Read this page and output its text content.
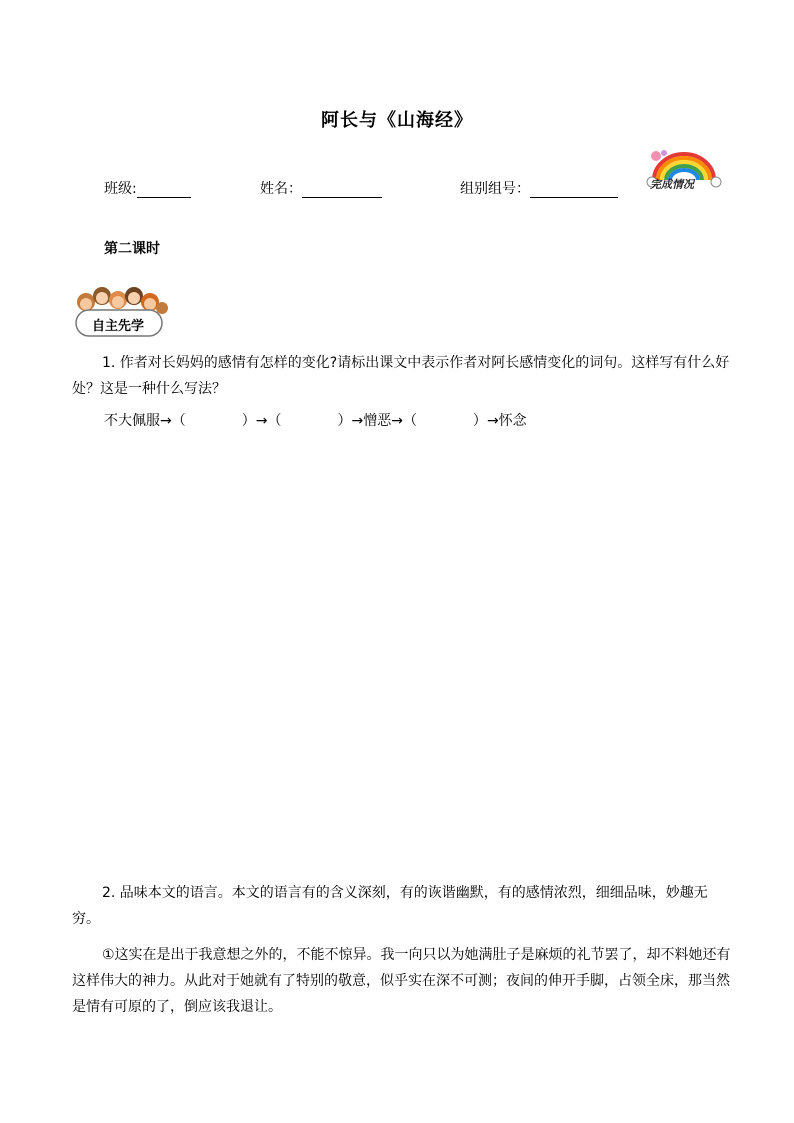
阿长与《山海经》
班级:	姓名：	组别组号：	完成情况
第二课时
自主先学
1. 作者对长妈妈的感情有怎样的变化?请标出课文中表示作者对阿长感情变化的词句。这样写有什么好处？这是一种什么写法？
不大佩服→（　　　　）→（　　　　）→憎恶→（　　　　）→怀念
2. 品味本文的语言。本文的语言有的含义深刻，有的诙谐幽默，有的感情浓烈，细细品味，妙趣无穷。
①这实在是出于我意想之外的，不能不惊异。我一向只以为她满肚子是麻烦的礼节罢了，却不料她还有这样伟大的神力。从此对于她就有了特别的敬意，似乎实在深不可测；夜间的伸开手脚，占领全床，那当然是情有可原的了，倒应该我退让。
